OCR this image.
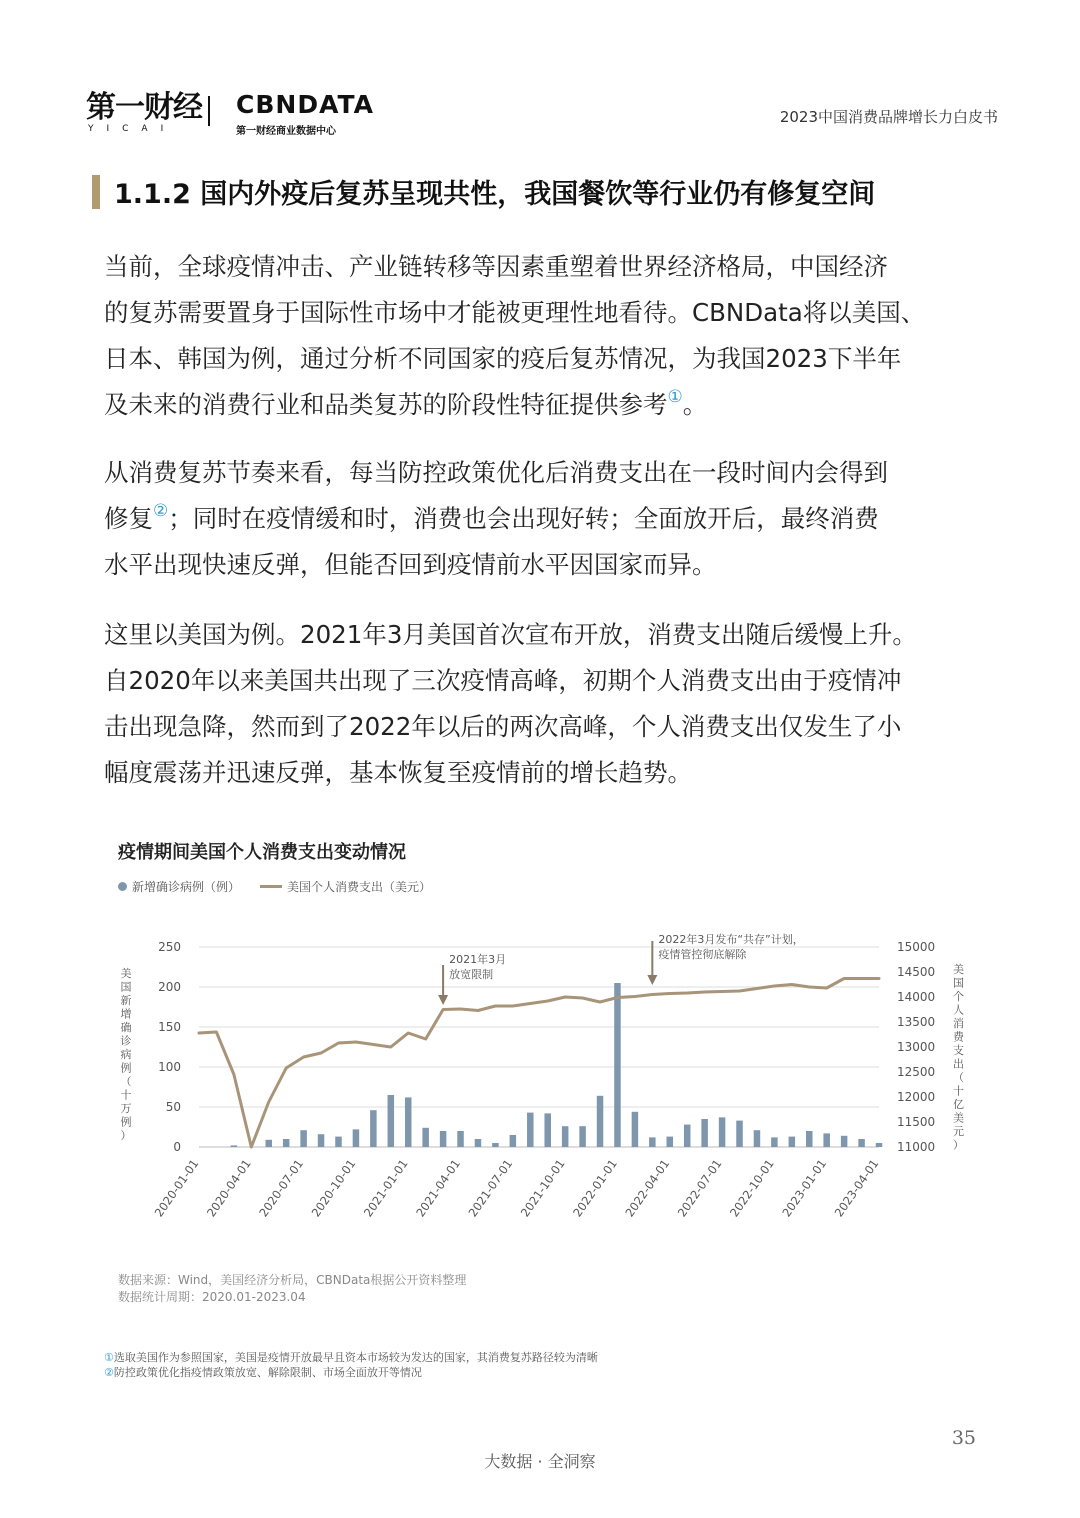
第一财经
YICAI
CBNDATA
第一财经商业数据中心
2023中国消费品牌增长力白皮书
1.1.2 国内外疫后复苏呈现共性，我国餐饮等行业仍有修复空间
当前，全球疫情冲击、产业链转移等因素重塑着世界经济格局，中国经济
的复苏需要置身于国际性市场中才能被更理性地看待。CBNData将以美国、
日本、韩国为例，通过分析不同国家的疫后复苏情况，为我国2023下半年
及未来的消费行业和品类复苏的阶段性特征提供参考①。
从消费复苏节奏来看，每当防控政策优化后消费支出在一段时间内会得到
修复②；同时在疫情缓和时，消费也会出现好转；全面放开后，最终消费
水平出现快速反弹，但能否回到疫情前水平因国家而异。
这里以美国为例。2021年3月美国首次宣布开放，消费支出随后缓慢上升。
自2020年以来美国共出现了三次疫情高峰，初期个人消费支出由于疫情冲
击出现急降，然而到了2022年以后的两次高峰，个人消费支出仅发生了小
幅度震荡并迅速反弹，基本恢复至疫情前的增长趋势。
疫情期间美国个人消费支出变动情况
新增确诊病例（例）	美国个人消费支出（美元）
0
50
100
150
200
250
11000
11500
12000
12500
13000
13500
14000
14500
15000
美
国
新
增
确
诊
病
例
（
十
万
例
）
美
国
个
人
消
费
支
出
（
十
亿
美
元
）
2020-01-01 2020-04-01 2020-07-01 2020-10-01 2021-01-01 2021-04-01 2021-07-01 2021-10-01 2022-01-01 2022-04-01 2022-07-01 2022-10-01 2023-01-01 2023-04-01
2021年3月
放宽限制
2022年3月发布“共存”计划，
疫情管控彻底解除
数据来源：Wind，美国经济分析局，CBNData根据公开资料整理
数据统计周期：2020.01-2023.04
①选取美国作为参照国家，美国是疫情开放最早且资本市场较为发达的国家，其消费复苏路径较为清晰
②防控政策优化指疫情政策放宽、解除限制、市场全面放开等情况
大数据 · 全洞察
35
